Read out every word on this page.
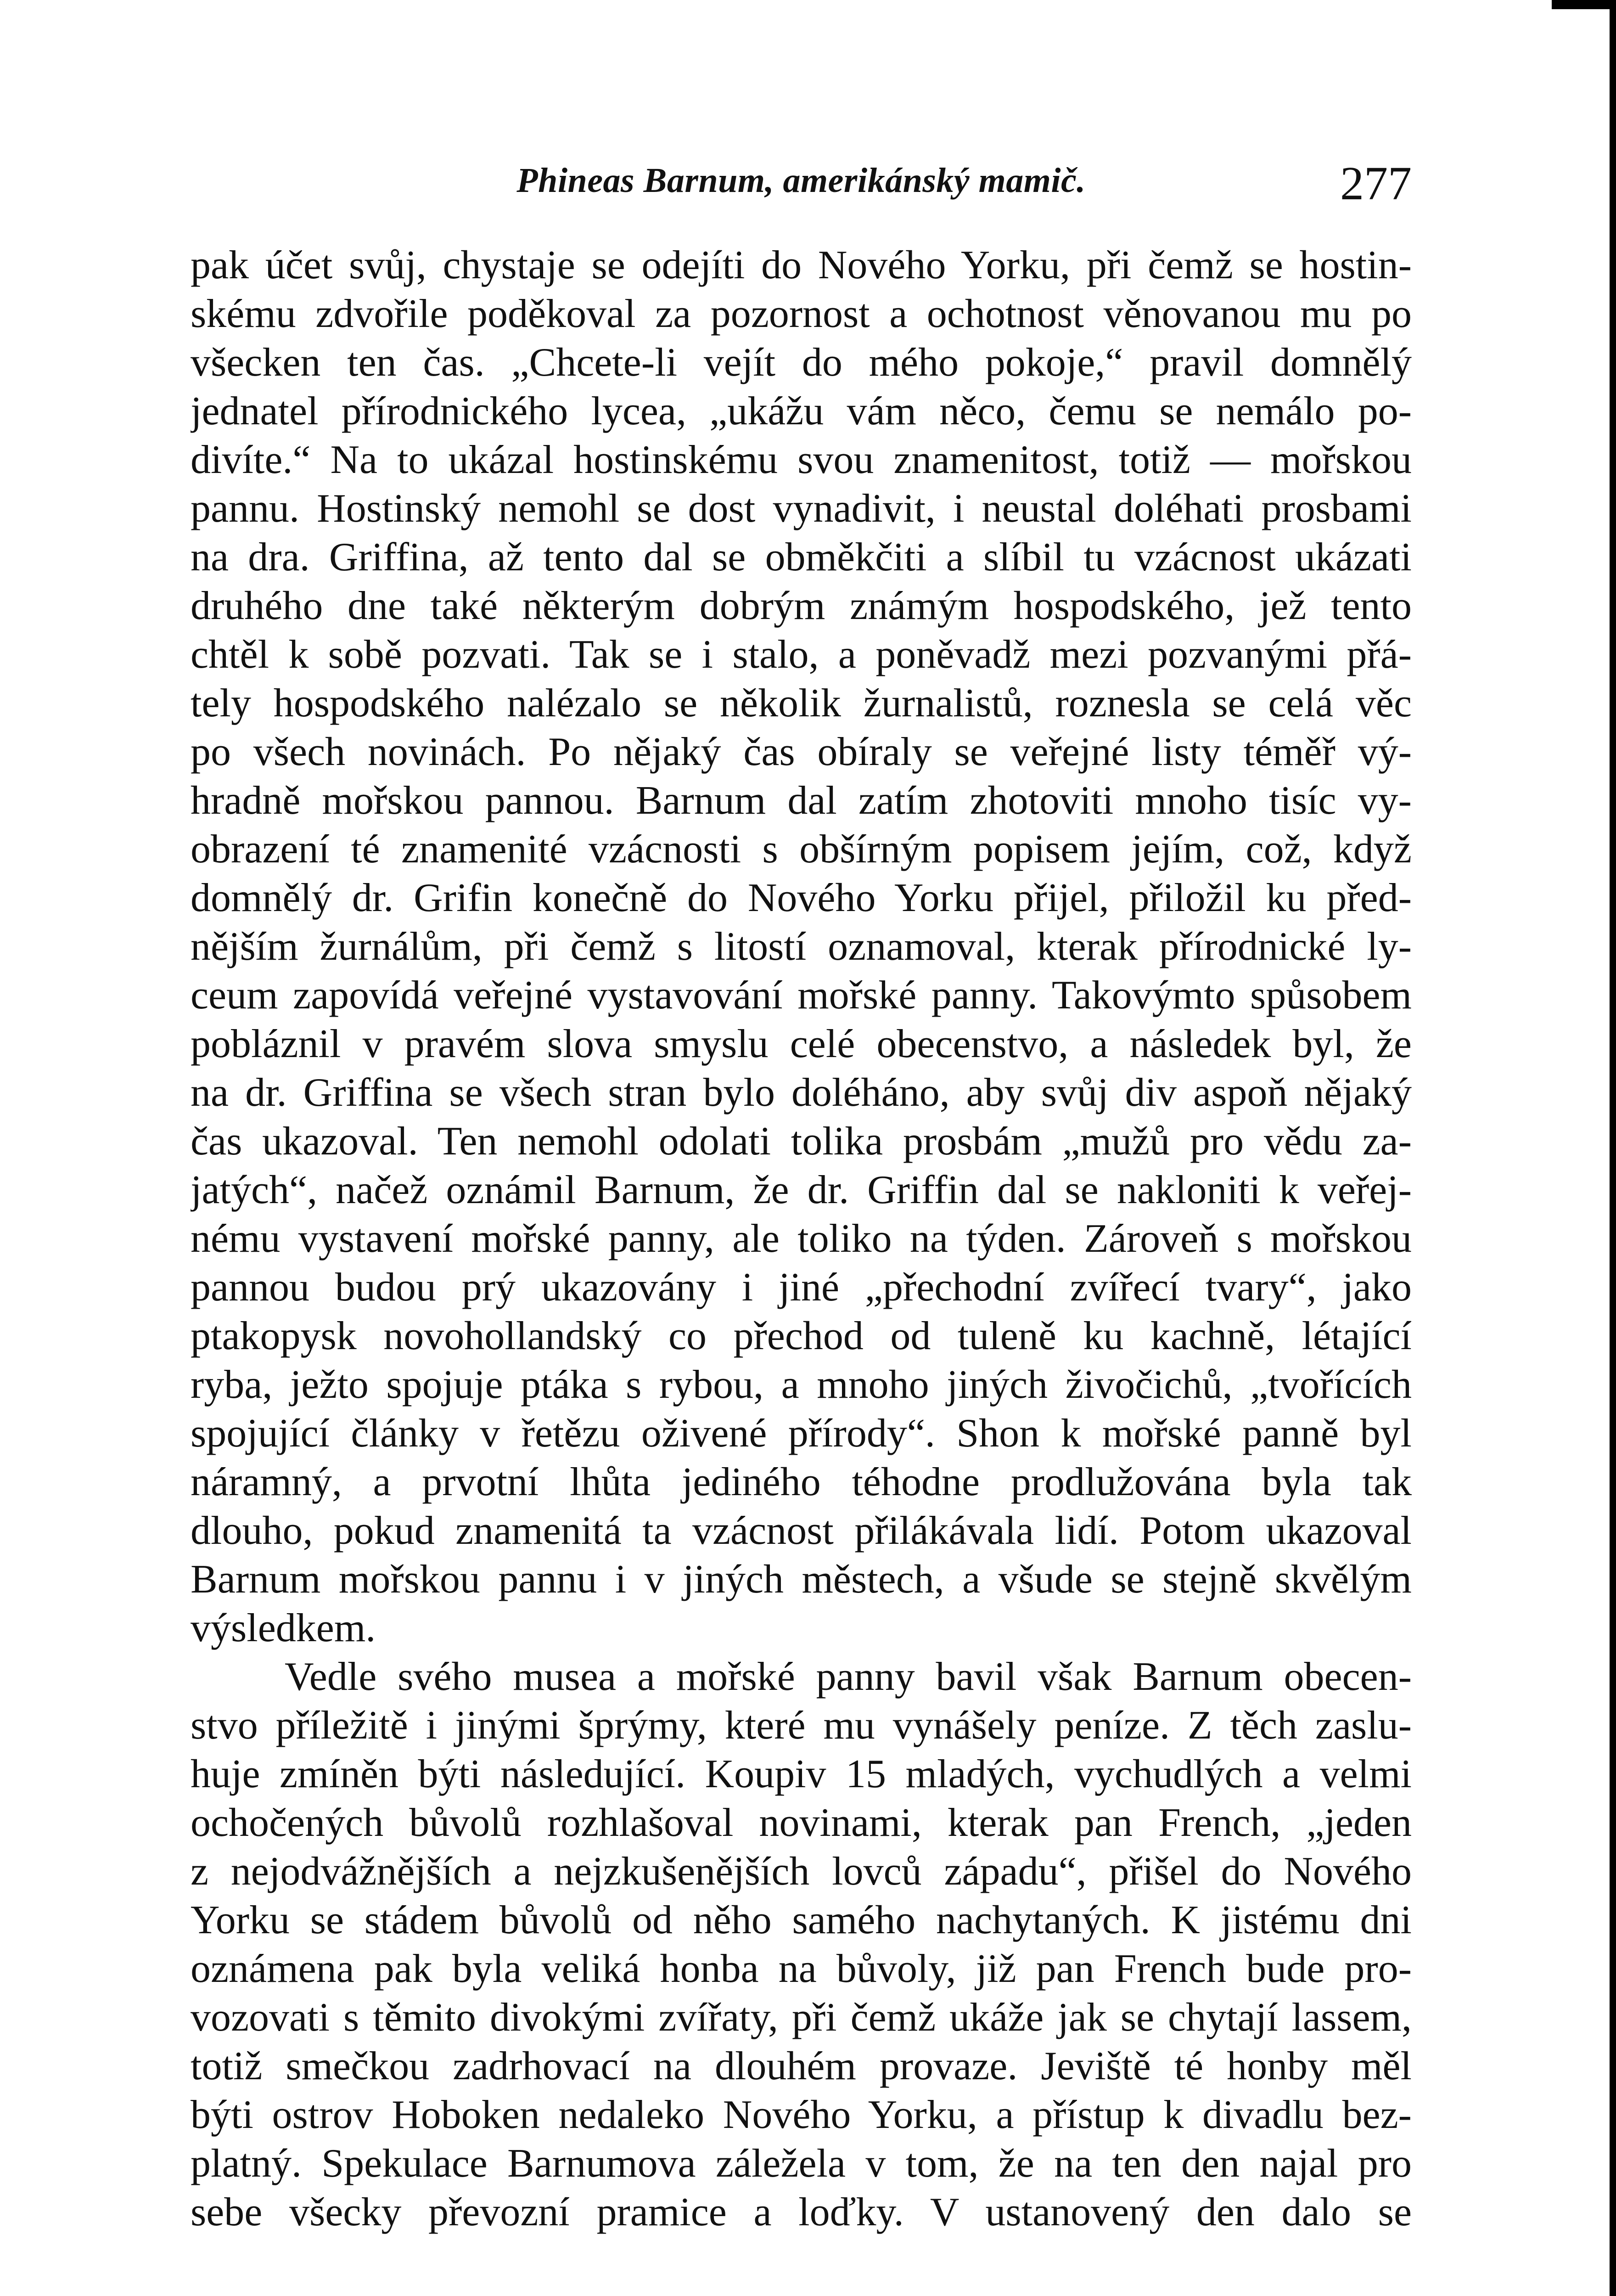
Phineas Barnum, amerikánský mamič.	277
pak účet svůj, chystaje se odejíti do Nového Yorku, při čemž se hostin-
skému zdvořile poděkoval za pozornost a ochotnost věnovanou mu po
všecken ten čas. „Chcete-li vejít do mého pokoje,“ pravil domnělý
jednatel přírodnického lycea, „ukážu vám něco, čemu se nemálo po-
divíte.“ Na to ukázal hostinskému svou znamenitost, totiž — mořskou
pannu. Hostinský nemohl se dost vynadivit, i neustal doléhati prosbami
na dra. Griffina, až tento dal se obměkčiti a slíbil tu vzácnost ukázati
druhého dne také některým dobrým známým hospodského, jež tento
chtěl k sobě pozvati. Tak se i stalo, a poněvadž mezi pozvanými přá-
tely hospodského nalézalo se několik žurnalistů, roznesla se celá věc
po všech novinách. Po nějaký čas obíraly se veřejné listy téměř vý-
hradně mořskou pannou. Barnum dal zatím zhotoviti mnoho tisíc vy-
obrazení té znamenité vzácnosti s obšírným popisem jejím, což, když
domnělý dr. Grifin konečně do Nového Yorku přijel, přiložil ku před-
nějším žurnálům, při čemž s litostí oznamoval, kterak přírodnické ly-
ceum zapovídá veřejné vystavování mořské panny. Takovýmto spůsobem
pobláznil v pravém slova smyslu celé obecenstvo, a následek byl, že
na dr. Griffina se všech stran bylo doléháno, aby svůj div aspoň nějaký
čas ukazoval. Ten nemohl odolati tolika prosbám „mužů pro vědu za-
jatých“, načež oznámil Barnum, že dr. Griffin dal se nakloniti k veřej-
nému vystavení mořské panny, ale toliko na týden. Zároveň s mořskou
pannou budou prý ukazovány i jiné „přechodní zvířecí tvary“, jako
ptakopysk novohollandský co přechod od tuleně ku kachně, létající
ryba, ježto spojuje ptáka s rybou, a mnoho jiných živočichů, „tvořících
spojující články v řetězu oživené přírody“. Shon k mořské panně byl
náramný, a prvotní lhůta jediného téhodne prodlužována byla tak
dlouho, pokud znamenitá ta vzácnost přilákávala lidí. Potom ukazoval
Barnum mořskou pannu i v jiných městech, a všude se stejně skvělým
výsledkem.
Vedle svého musea a mořské panny bavil však Barnum obecen-
stvo příležitě i jinými šprýmy, které mu vynášely peníze. Z těch zaslu-
huje zmíněn býti následující. Koupiv 15 mladých, vychudlých a velmi
ochočených bůvolů rozhlašoval novinami, kterak pan French, „jeden
z nejodvážnějších a nejzkušenějších lovců západu“, přišel do Nového
Yorku se stádem bůvolů od něho samého nachytaných. K jistému dni
oznámena pak byla veliká honba na bůvoly, již pan French bude pro-
vozovati s těmito divokými zvířaty, při čemž ukáže jak se chytají lassem,
totiž smečkou zadrhovací na dlouhém provaze. Jeviště té honby měl
býti ostrov Hoboken nedaleko Nového Yorku, a přístup k divadlu bez-
platný. Spekulace Barnumova záležela v tom, že na ten den najal pro
sebe všecky převozní pramice a loďky. V ustanovený den dalo se
